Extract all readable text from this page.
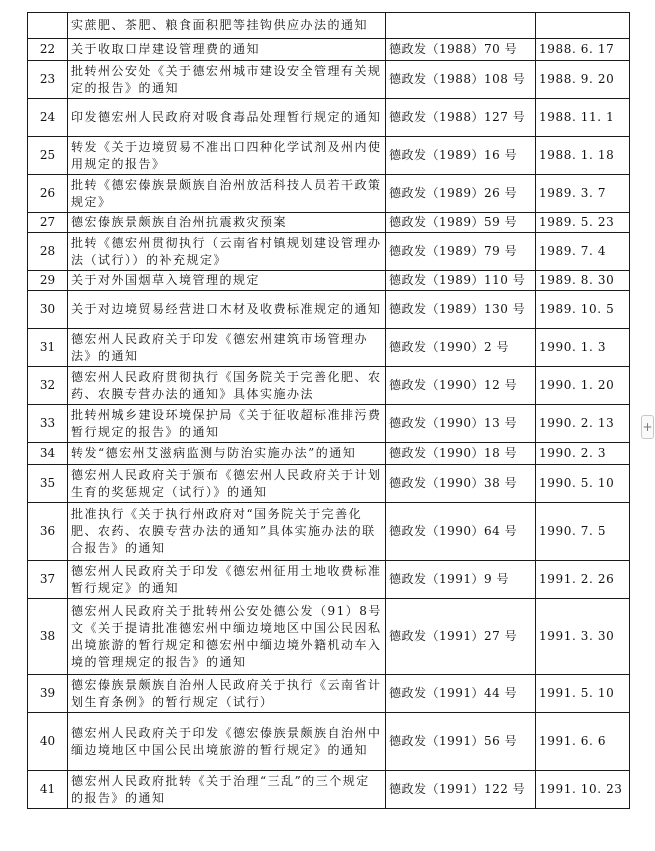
	实蔗肥、茶肥、粮食面积肥等挂钩供应办法的通知		
22	关于收取口岸建设管理费的通知	德政发（1988）70 号	1988. 6. 17
23	批转州公安处《关于德宏州城市建设安全管理有关规定的报告》的通知	德政发（1988）108 号	1988. 9. 20
24	印发德宏州人民政府对吸食毒品处理暂行规定的通知	德政发（1988）127 号	1988. 11. 1
25	转发《关于边境贸易不准出口四种化学试剂及州内使用规定的报告》	德政发（1989）16 号	1988. 1. 18
26	批转《德宏傣族景颇族自治州放活科技人员若干政策规定》	德政发（1989）26 号	1989. 3. 7
27	德宏傣族景颇族自治州抗震救灾预案	德政发（1989）59 号	1989. 5. 23
28	批转《德宏州贯彻执行（云南省村镇规划建设管理办法（试行））的补充规定》	德政发（1989）79 号	1989. 7. 4
29	关于对外国烟草入境管理的规定	德政发（1989）110 号	1989. 8. 30
30	关于对边境贸易经营进口木材及收费标准规定的通知	德政发（1989）130 号	1989. 10. 5
31	德宏州人民政府关于印发《德宏州建筑市场管理办法》的通知	德政发（1990）2 号	1990. 1. 3
32	德宏州人民政府贯彻执行《国务院关于完善化肥、农药、农膜专营办法的通知》具体实施办法	德政发（1990）12 号	1990. 1. 20
33	批转州城乡建设环境保护局《关于征收超标准排污费暂行规定的报告》的通知	德政发（1990）13 号	1990. 2. 13
34	转发“德宏州艾滋病监测与防治实施办法”的通知	德政发（1990）18 号	1990. 2. 3
35	德宏州人民政府关于颁布《德宏州人民政府关于计划生育的奖惩规定（试行）》的通知	德政发（1990）38 号	1990. 5. 10
36	批准执行《关于执行州政府对“国务院关于完善化肥、农药、农膜专营办法的通知”具体实施办法的联合报告》的通知	德政发（1990）64 号	1990. 7. 5
37	德宏州人民政府关于印发《德宏州征用土地收费标准暂行规定》的通知	德政发（1991）9 号	1991. 2. 26
38	德宏州人民政府关于批转州公安处德公发（91）8号文《关于提请批准德宏州中缅边境地区中国公民因私出境旅游的暂行规定和德宏州中缅边境外籍机动车入境的管理规定的报告》的通知	德政发（1991）27 号	1991. 3. 30
39	德宏傣族景颇族自治州人民政府关于执行《云南省计划生育条例》的暂行规定（试行）	德政发（1991）44 号	1991. 5. 10
40	德宏州人民政府关于印发《德宏傣族景颇族自治州中缅边境地区中国公民出境旅游的暂行规定》的通知	德政发（1991）56 号	1991. 6. 6
41	德宏州人民政府批转《关于治理“三乱”的三个规定的报告》的通知	德政发（1991）122 号	1991. 10. 23
+
